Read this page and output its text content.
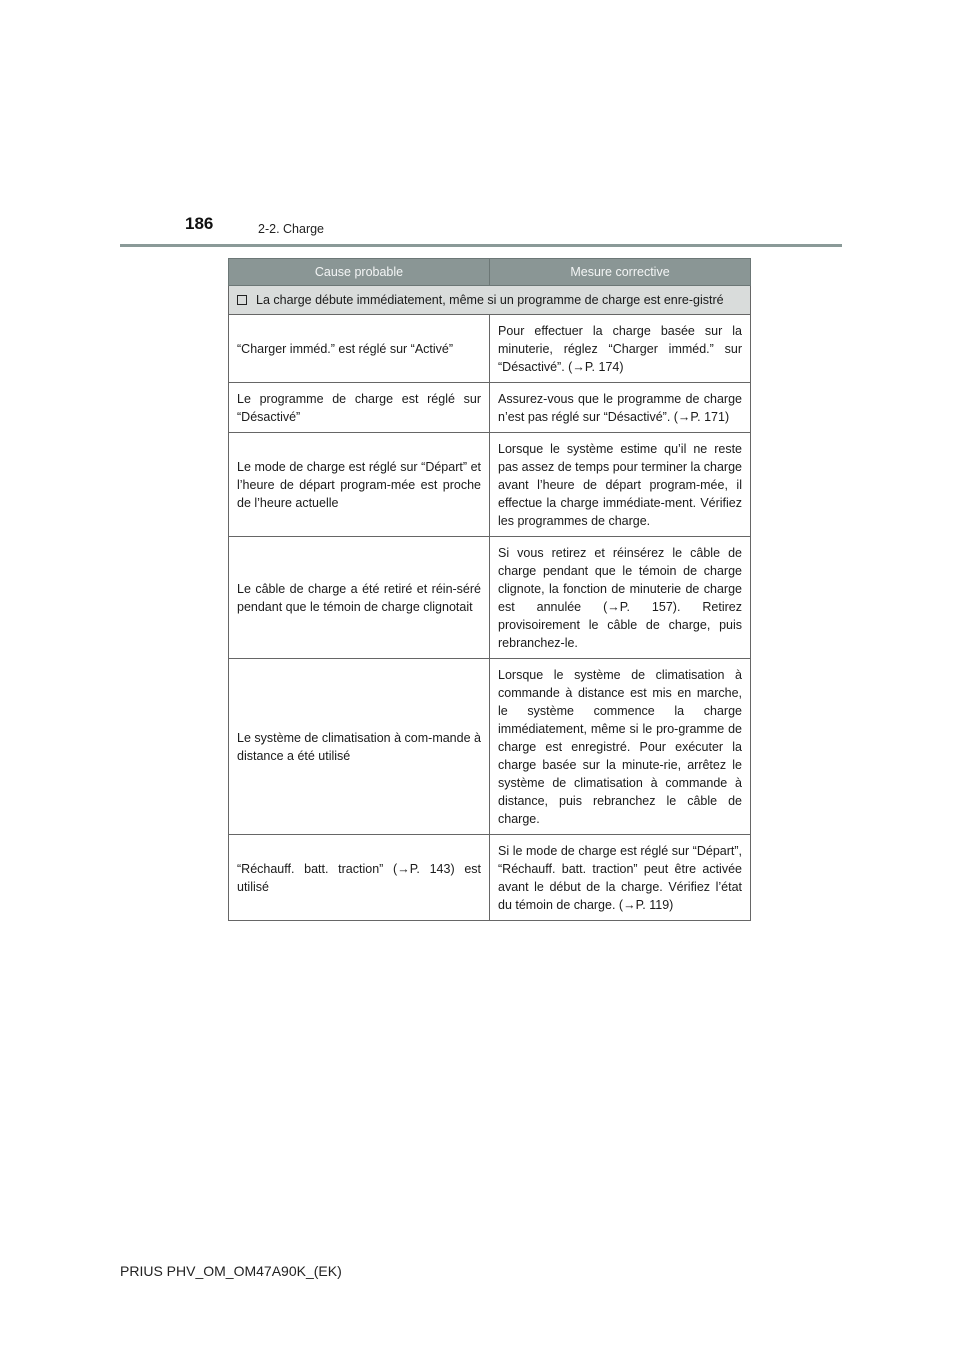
186	2-2. Charge
Cause probable	Mesure corrective

La charge débute immédiatement, même si un programme de charge est enre-gistré	

“Charger imméd.” est réglé sur “Activé”	Pour effectuer la charge basée sur la minuterie, réglez “Charger imméd.” sur “Désactivé”. (→P. 174)
Le programme de charge est réglé sur “Désactivé”	Assurez-vous que le programme de charge n’est pas réglé sur “Désactivé”. (→P. 171)
Le mode de charge est réglé sur “Départ” et l’heure de départ program-mée est proche de l’heure actuelle	Lorsque le système estime qu’il ne reste pas assez de temps pour terminer la charge avant l’heure de départ program-mée, il effectue la charge immédiate-ment. Vérifiez les programmes de charge.
Le câble de charge a été retiré et réin-séré pendant que le témoin de charge clignotait	Si vous retirez et réinsérez le câble de charge pendant que le témoin de charge clignote, la fonction de minuterie de charge est annulée (→P. 157). Retirez provisoirement le câble de charge, puis rebranchez-le.
Le système de climatisation à com-mande à distance a été utilisé	Lorsque le système de climatisation à commande à distance est mis en marche, le système commence la charge immédiatement, même si le pro-gramme de charge est enregistré. Pour exécuter la charge basée sur la minute-rie, arrêtez le système de climatisation à commande à distance, puis rebranchez le câble de charge.
“Réchauff. batt. traction” (→P. 143) est utilisé	Si le mode de charge est réglé sur “Départ”, “Réchauff. batt. traction” peut être activée avant le début de la charge. Vérifiez l’état du témoin de charge. (→P. 119)
PRIUS PHV_OM_OM47A90K_(EK)
